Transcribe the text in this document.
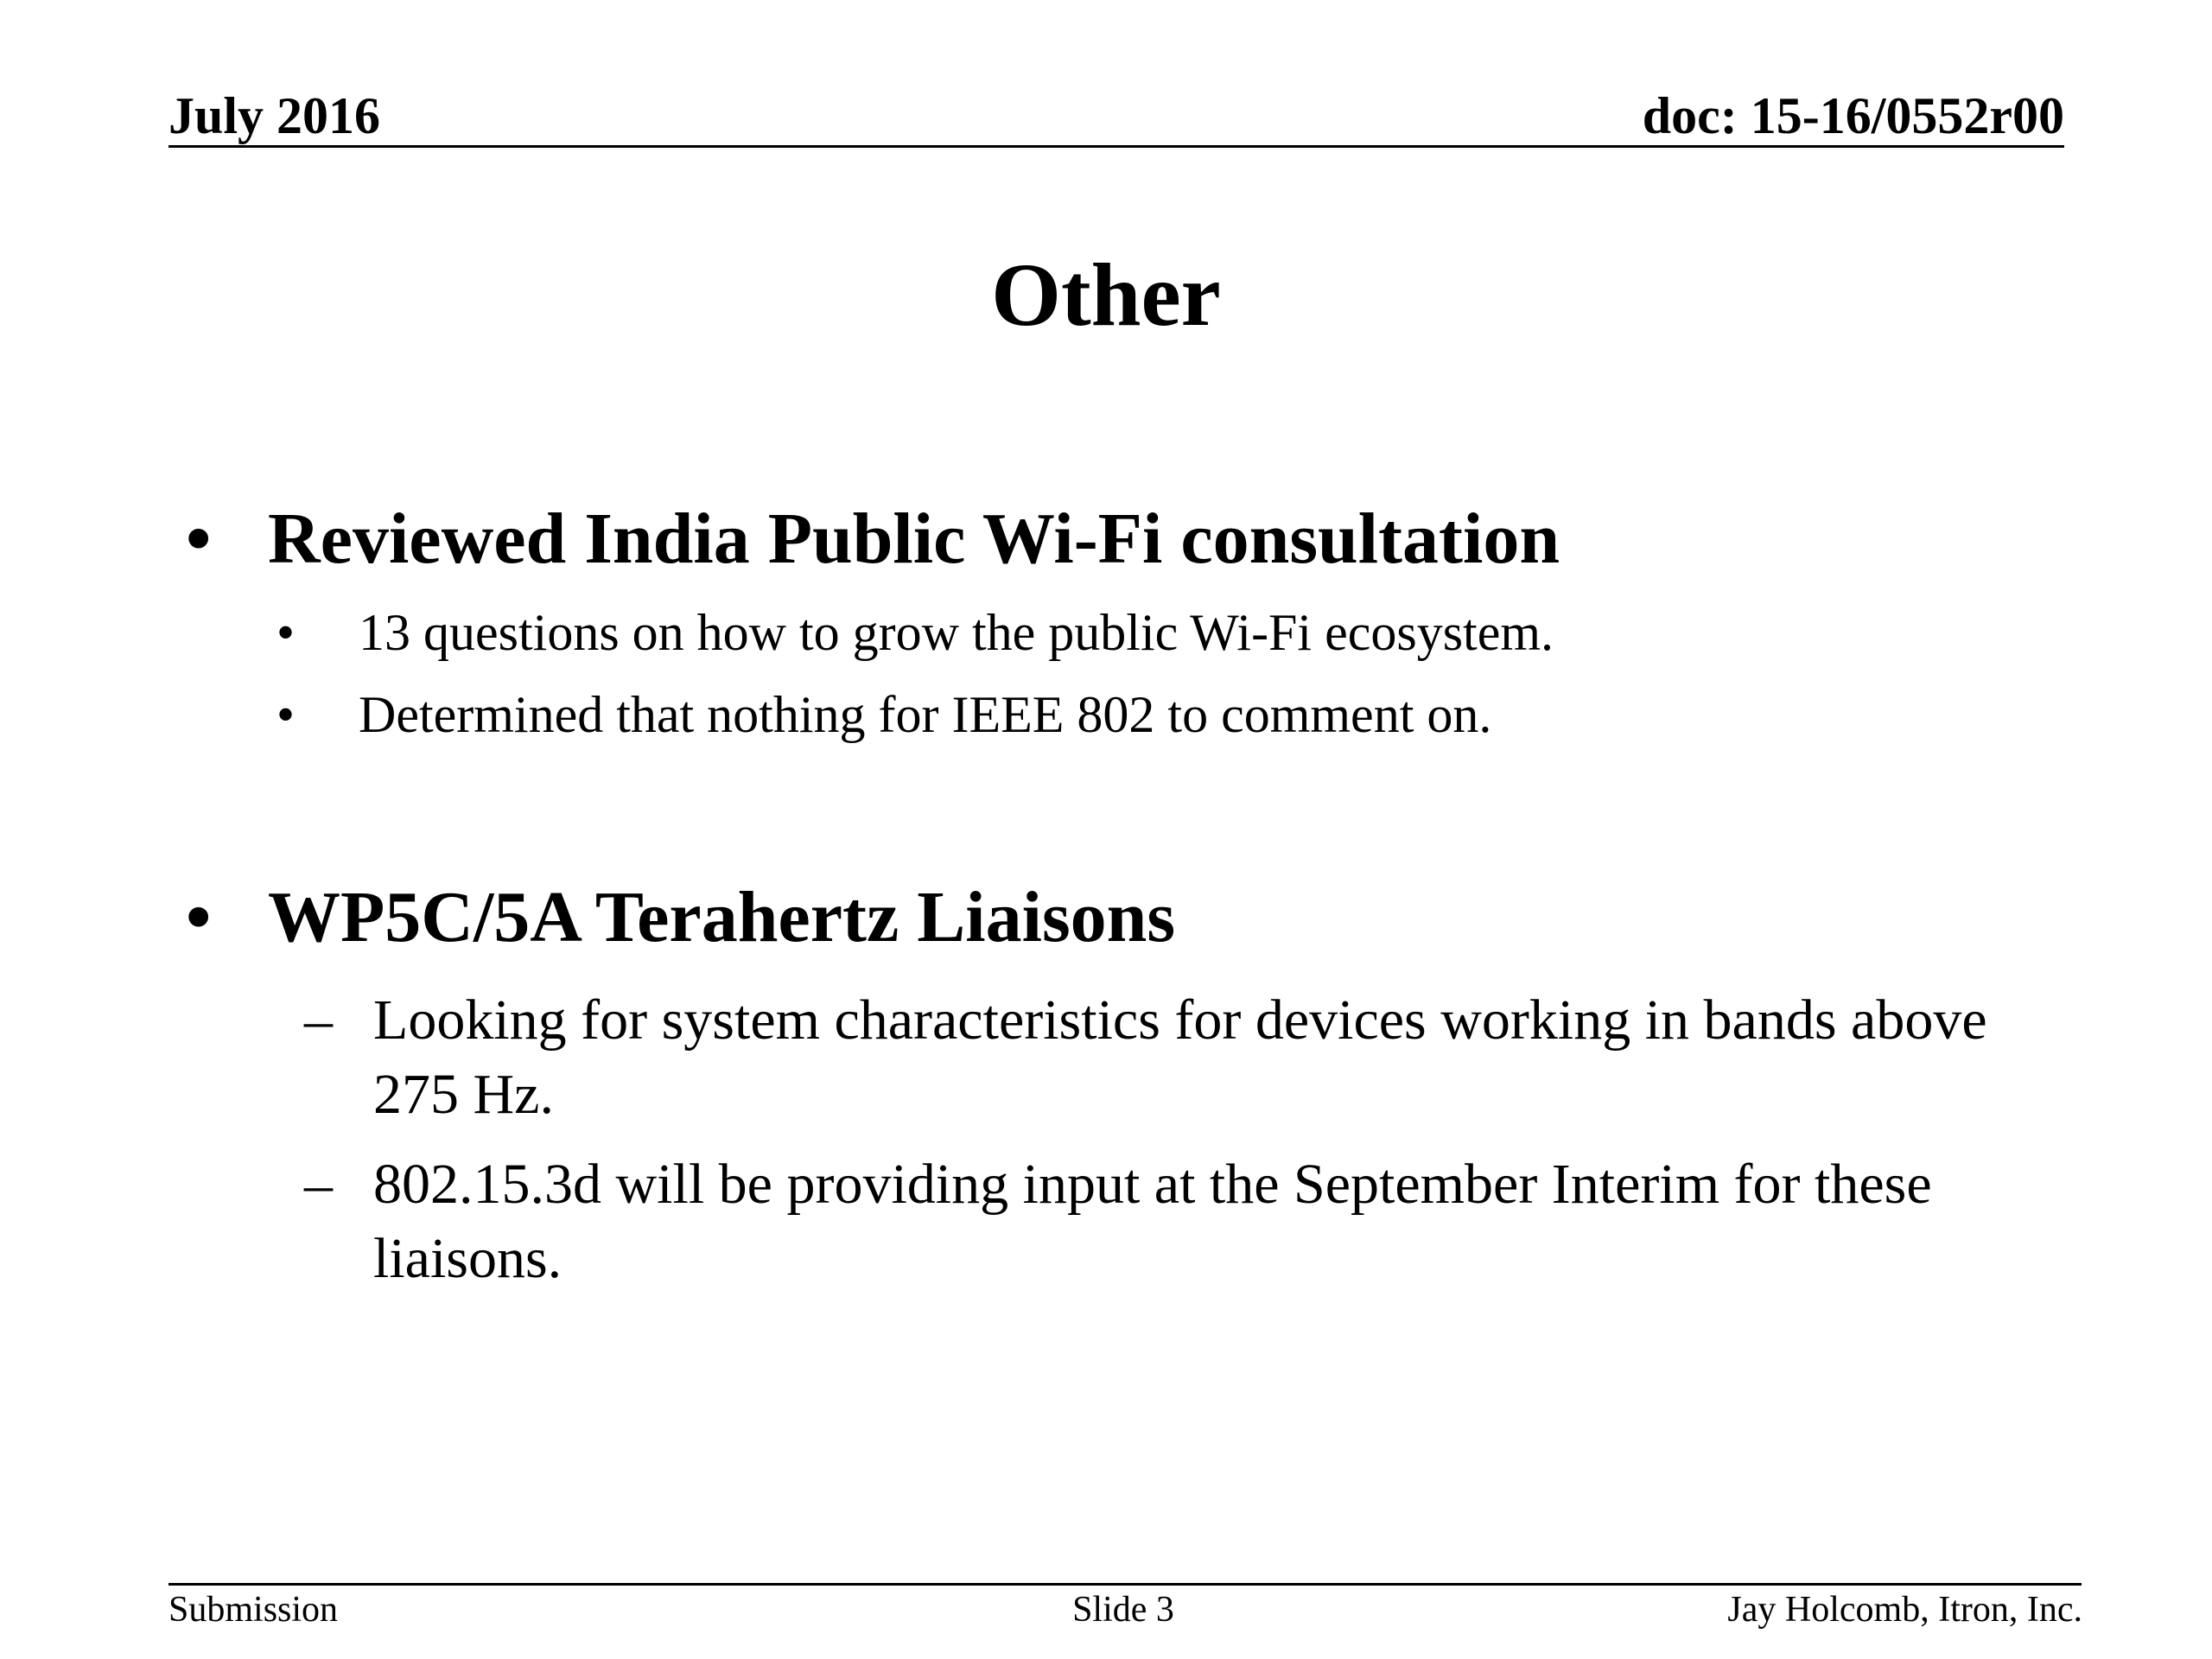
July 2016	doc: 15-16/0552r00
Other
• Reviewed India Public Wi-Fi consultation
• 13 questions on how to grow the public Wi-Fi ecosystem.
• Determined that nothing for IEEE 802 to comment on.
• WP5C/5A Terahertz Liaisons
– Looking for system characteristics for devices working in bands above 275 Hz.
– 802.15.3d will be providing input at the September Interim for these liaisons.
Submission	Slide 3	Jay Holcomb, Itron, Inc.
